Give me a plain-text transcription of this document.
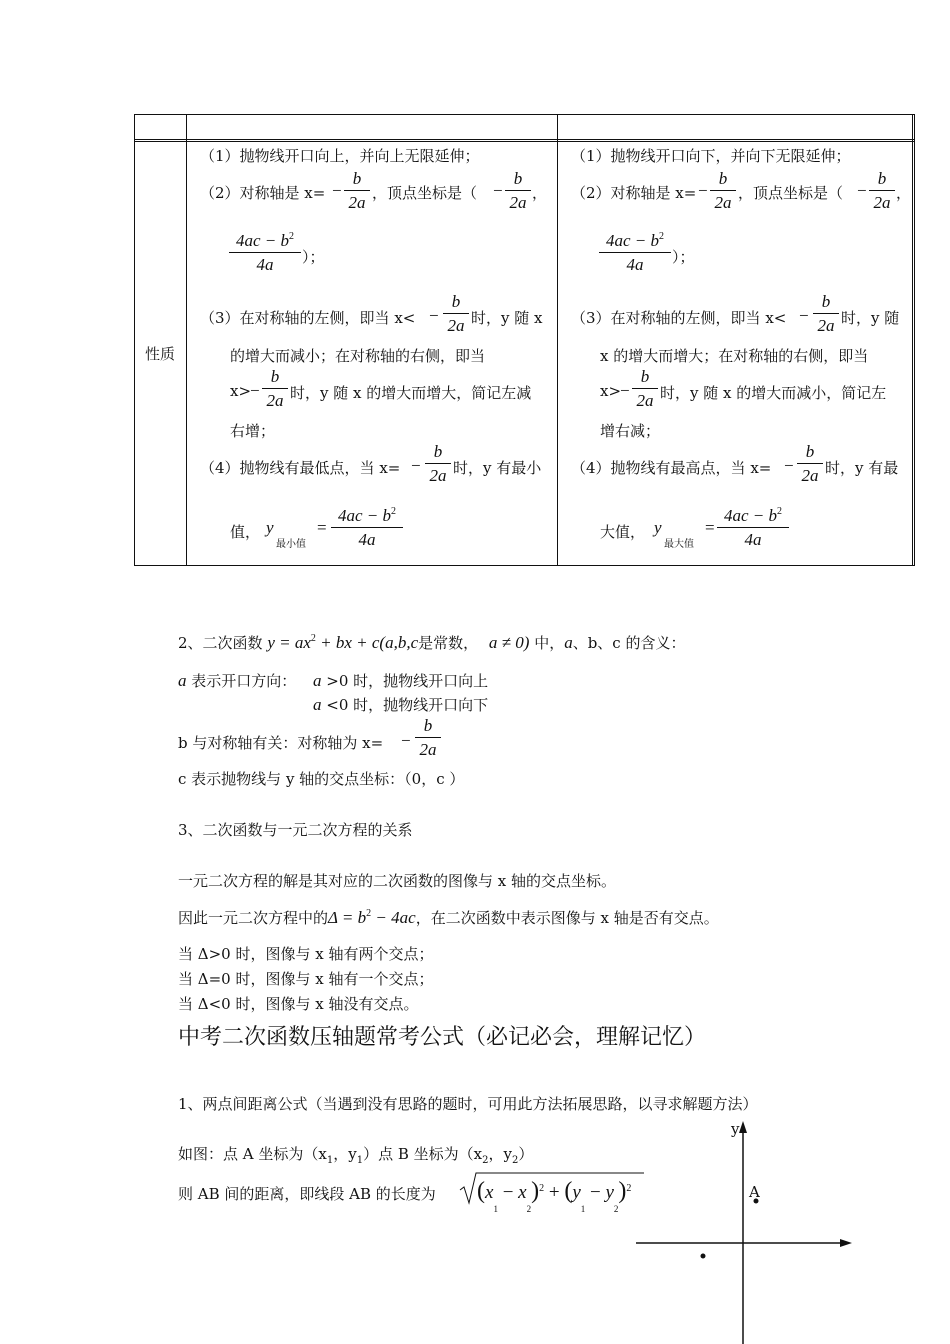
性质
（1）抛物线开口向上，并向上无限延伸；
（2）对称轴是 x= −
b
2a ，顶点坐标是（ −
b
2a ，
$4ac - b^2$
4a	）；
（3）在对称轴的左侧，即当 x< −
b
2a 时，y 随 x
的增大而减小；在对称轴的右侧，即当
x>
−
b
2a 时，y 随 x 的增大而增大，简记左减
右增；
（4）抛物线有最低点，当 x= −
b
2a 时，y 有最小
值， y
最小值
=
$4ac - b^2$
4a
（1）抛物线开口向下，并向下无限延伸；
（2）对称轴是 x= −
b
2a ，顶点坐标是（ −
b
2a ，
$4ac - b^2$
4a	）；
（3）在对称轴的左侧，即当 x< −
b
2a 时，y 随
x 的增大而增大；在对称轴的右侧，即当
x>
−
b
2a 时，y 随 x 的增大而减小，简记左
增右减；
（4）抛物线有最高点，当 x= −
b
2a 时，y 有最
大值， y
最大值
=
$4ac - b^2$
4a
2、二次函数 $y = ax^2$ + bx + c(a,b,c是常数， a ≠ 0) 中，a、b、c 的含义：
a 表示开口方向： a >0 时，抛物线开口向上
a <0 时，抛物线开口向下
b 与对称轴有关：对称轴为 x= −
b
2a
c 表示抛物线与 y 轴的交点坐标：（0，c ）
3、二次函数与一元二次方程的关系
一元二次方程的解是其对应的二次函数的图像与 x 轴的交点坐标。
因此一元二次方程中的$\Delta = b^2 - 4ac$，在二次函数中表示图像与 x 轴是否有交点。
当 Δ>0 时，图像与 x 轴有两个交点；
当 Δ=0 时，图像与 x 轴有一个交点；
当 Δ<0 时，图像与 x 轴没有交点。
中考二次函数压轴题常考公式（必记必会，理解记忆）
1、两点间距离公式（当遇到没有思路的题时，可用此方法拓展思路，以寻求解题方法）
如图：点 A 坐标为（$x_1$，$y_1$）点 B 坐标为（$x_2$，$y_2$）
则 AB 间的距离，即线段 AB 的长度为 $(x_1 - x_2)^2 + (y_1 - y_2)^2$
y
A
